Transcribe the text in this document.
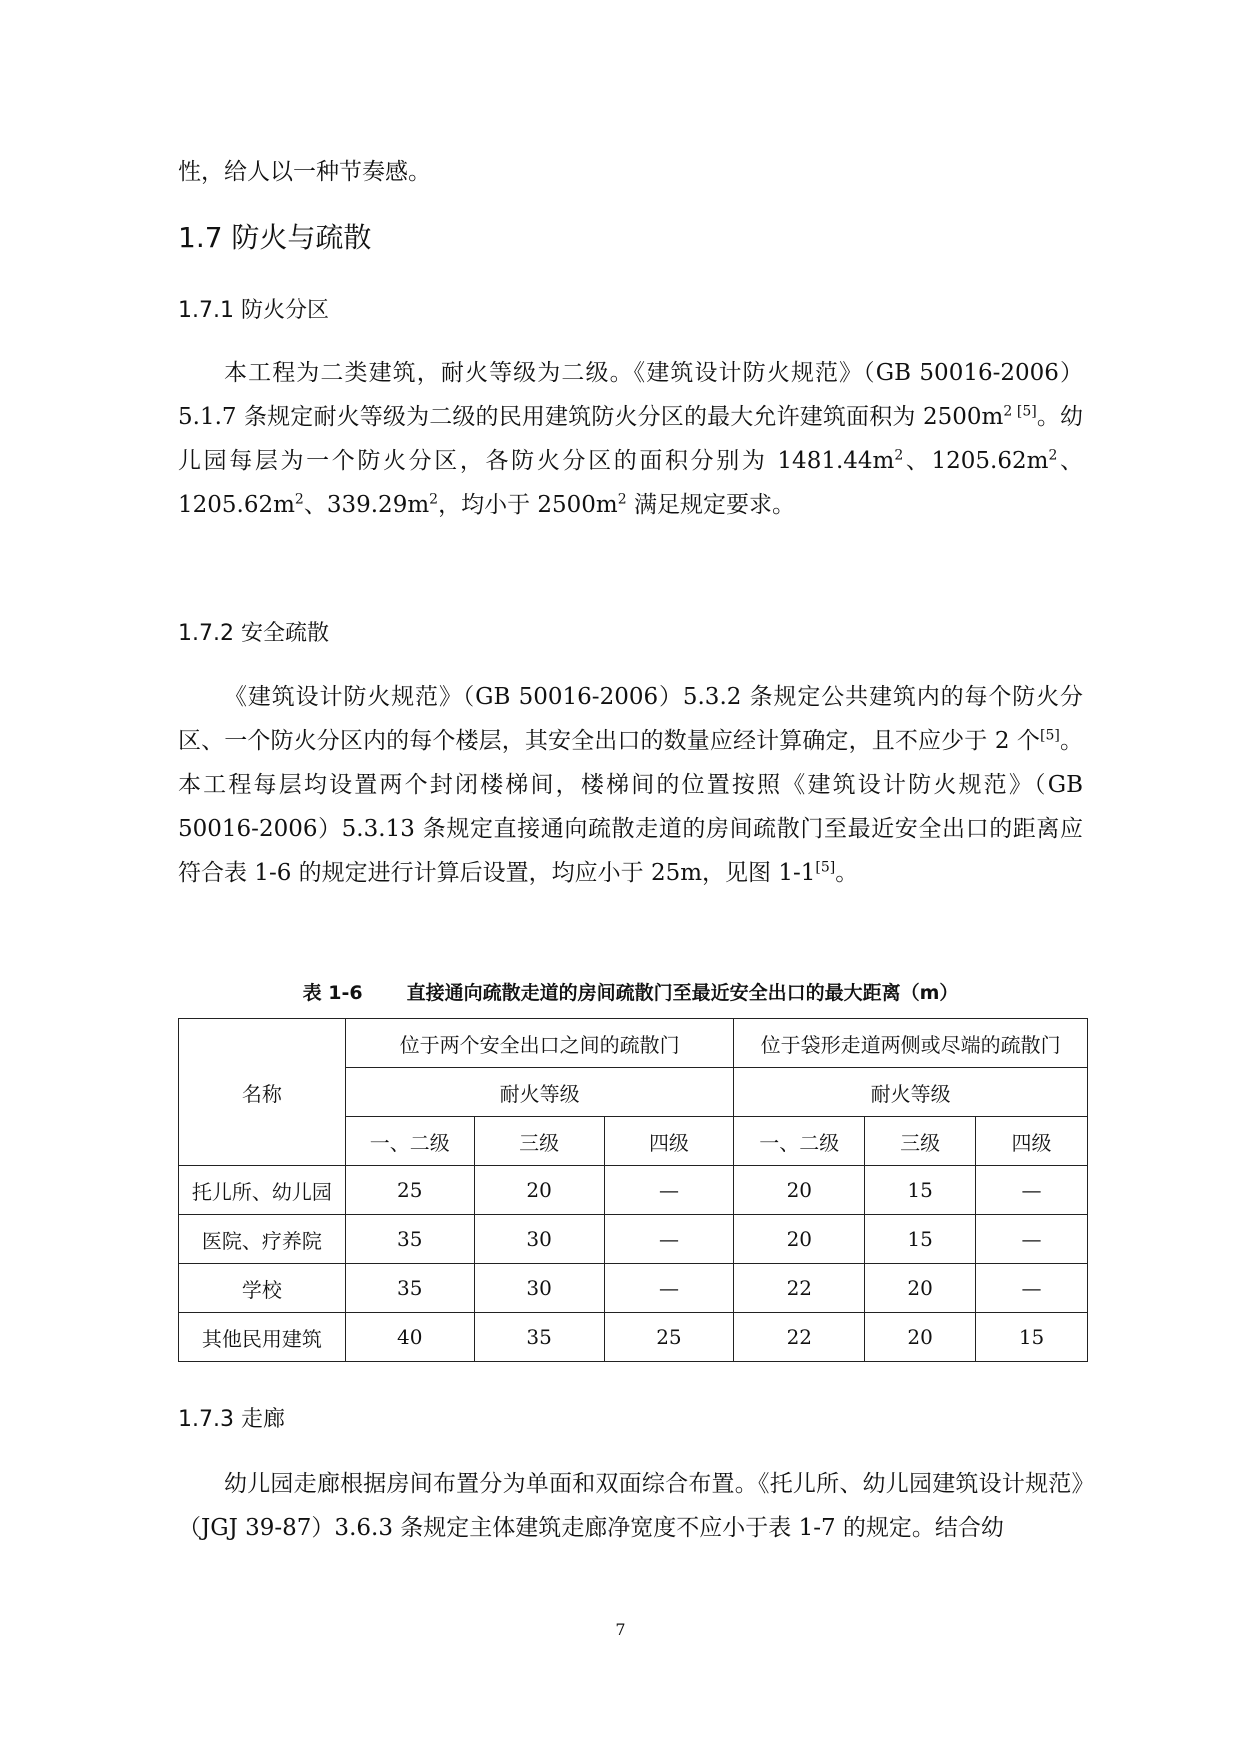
性，给人以一种节奏感。
1.7 防火与疏散
1.7.1 防火分区
本工程为二类建筑，耐火等级为二级。《建筑设计防火规范》（GB 50016-2006）5.1.7 条规定耐火等级为二级的民用建筑防火分区的最大允许建筑面积为 $2500m^2$ [5]。幼儿园每层为一个防火分区，各防火分区的面积分别为 $1481.44m^2$、$1205.62m^2$、$1205.62m^2$、$339.29m^2$，均小于 $2500m^2$ 满足规定要求。
1.7.2 安全疏散
《建筑设计防火规范》（GB 50016-2006）5.3.2 条规定公共建筑内的每个防火分区、一个防火分区内的每个楼层，其安全出口的数量应经计算确定，且不应少于 2 个[5]。本工程每层均设置两个封闭楼梯间，楼梯间的位置按照《建筑设计防火规范》（GB 50016-2006）5.3.13 条规定直接通向疏散走道的房间疏散门至最近安全出口的距离应符合表 1-6 的规定进行计算后设置，均应小于 25m，见图 1-1[5]。
表 1-6 直接通向疏散走道的房间疏散门至最近安全出口的最大距离（m）
名称	位于两个安全出口之间的疏散门			位于袋形走道两侧或尽端的疏散门		
	耐火等级			耐火等级		
	一、二级	三级	四级	一、二级	三级	四级
托儿所、幼儿园	25	20	—	20	15	—
医院、疗养院	35	30	—	20	15	—
学校	35	30	—	22	20	—
其他民用建筑	40	35	25	22	20	15
1.7.3 走廊
幼儿园走廊根据房间布置分为单面和双面综合布置。《托儿所、幼儿园建筑设计规范》（JGJ 39-87）3.6.3 条规定主体建筑走廊净宽度不应小于表 1-7 的规定。结合幼
7
